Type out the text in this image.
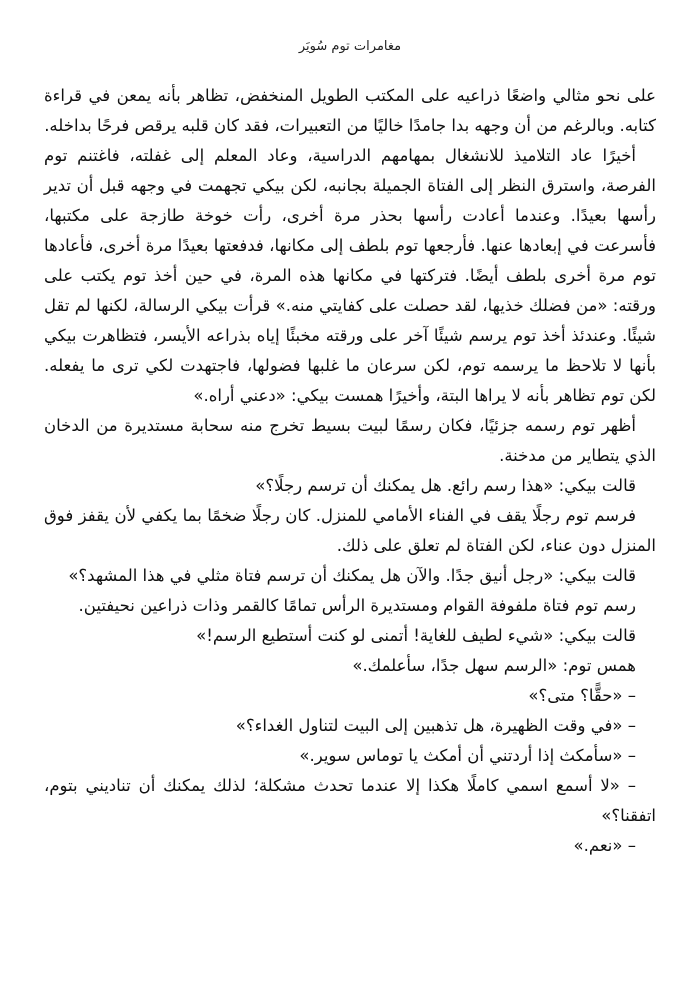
مغامرات توم سُويَر

على نحو مثالي واضعًا ذراعيه على المكتب الطويل المنخفض، تظاهر بأنه يمعن في قراءة كتابه. وبالرغم من أن وجهه بدا جامدًا خاليًا من التعبيرات، فقد كان قلبه يرقص فرحًا بداخله.

أخيرًا عاد التلاميذ للانشغال بمهامهم الدراسية، وعاد المعلم إلى غفلته، فاغتنم توم الفرصة، واسترق النظر إلى الفتاة الجميلة بجانبه، لكن بيكي تجهمت في وجهه قبل أن تدير رأسها بعيدًا. وعندما أعادت رأسها بحذر مرة أخرى، رأت خوخة طازجة على مكتبها، فأسرعت في إبعادها عنها. فأرجعها توم بلطف إلى مكانها، فدفعتها بعيدًا مرة أخرى، فأعادها توم مرة أخرى بلطف أيضًا. فتركتها في مكانها هذه المرة، في حين أخذ توم يكتب على ورقته: «من فضلك خذيها، لقد حصلت على كفايتي منه.» قرأت بيكي الرسالة، لكنها لم تقل شيئًا. وعندئذ أخذ توم يرسم شيئًا آخر على ورقته مخبئًا إياه بذراعه الأيسر، فتظاهرت بيكي بأنها لا تلاحظ ما يرسمه توم، لكن سرعان ما غلبها فضولها، فاجتهدت لكي ترى ما يفعله. لكن توم تظاهر بأنه لا يراها البتة، وأخيرًا همست بيكي: «دعني أراه.»

أظهر توم رسمه جزئيًا، فكان رسمًا لبيت بسيط تخرج منه سحابة مستديرة من الدخان الذي يتطاير من مدخنة.

قالت بيكي: «هذا رسم رائع. هل يمكنك أن ترسم رجلًا؟»

فرسم توم رجلًا يقف في الفناء الأمامي للمنزل. كان رجلًا ضخمًا بما يكفي لأن يقفز فوق المنزل دون عناء، لكن الفتاة لم تعلق على ذلك.

قالت بيكي: «رجل أنيق جدًا. والآن هل يمكنك أن ترسم فتاة مثلي في هذا المشهد؟»

رسم توم فتاة ملفوفة القوام ومستديرة الرأس تمامًا كالقمر وذات ذراعين نحيفتين.

قالت بيكي: «شيء لطيف للغاية! أتمنى لو كنت أستطيع الرسم!»

همس توم: «الرسم سهل جدًا، سأعلمك.»

– «حقًّا؟ متى؟»

– «في وقت الظهيرة، هل تذهبين إلى البيت لتناول الغداء؟»

– «سأمكث إذا أردتني أن أمكث يا توماس سوير.»

– «لا أسمع اسمي كاملًا هكذا إلا عندما تحدث مشكلة؛ لذلك يمكنك أن تناديني بتوم، اتفقنا؟»

– «نعم.»
